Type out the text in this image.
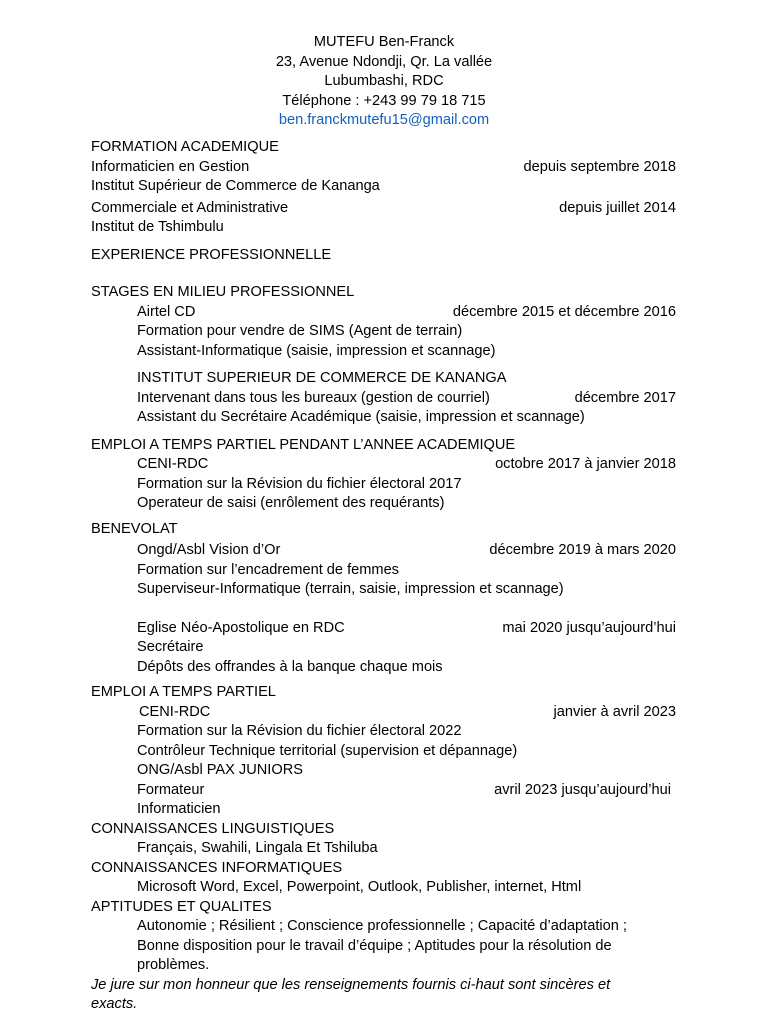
MUTEFU Ben-Franck
23, Avenue Ndondji, Qr. La vallée
Lubumbashi, RDC
Téléphone : +243 99 79 18 715
ben.franckmutefu15@gmail.com
FORMATION ACADEMIQUE
Informaticien en Gestion	depuis septembre 2018
Institut Supérieur de Commerce de Kananga
Commerciale et Administrative	depuis juillet 2014
Institut de Tshimbulu
EXPERIENCE PROFESSIONNELLE
STAGES EN MILIEU PROFESSIONNEL
Airtel CD	décembre 2015 et décembre 2016
Formation pour vendre de SIMS (Agent de terrain)
Assistant-Informatique (saisie, impression et scannage)
INSTITUT SUPERIEUR DE COMMERCE DE KANANGA
Intervenant dans tous les bureaux (gestion de courriel)	décembre 2017
Assistant du Secrétaire Académique (saisie, impression et scannage)
EMPLOI A TEMPS PARTIEL PENDANT L’ANNEE ACADEMIQUE
CENI-RDC	octobre 2017 à janvier 2018
Formation sur la Révision du fichier électoral 2017
Operateur de saisi (enrôlement des requérants)
BENEVOLAT
Ongd/Asbl Vision d’Or	décembre 2019 à mars 2020
Formation sur l’encadrement de femmes
Superviseur-Informatique (terrain, saisie, impression et scannage)
Eglise Néo-Apostolique en RDC	mai 2020 jusqu’aujourd’hui
Secrétaire
Dépôts des offrandes à la banque chaque mois
EMPLOI A TEMPS PARTIEL
CENI-RDC	janvier à avril 2023
Formation sur la Révision du fichier électoral 2022
Contrôleur Technique territorial (supervision et dépannage)
ONG/Asbl PAX JUNIORS
Formateur	avril 2023 jusqu’aujourd’hui
Informaticien
CONNAISSANCES LINGUISTIQUES
Français, Swahili, Lingala Et Tshiluba
CONNAISSANCES INFORMATIQUES
Microsoft Word, Excel, Powerpoint, Outlook, Publisher, internet, Html
APTITUDES ET QUALITES
Autonomie ; Résilient ; Conscience professionnelle ; Capacité d’adaptation ;
Bonne disposition pour le travail d’équipe ; Aptitudes pour la résolution de
problèmes.
Je jure sur mon honneur que les renseignements fournis ci-haut sont sincères et exacts.
